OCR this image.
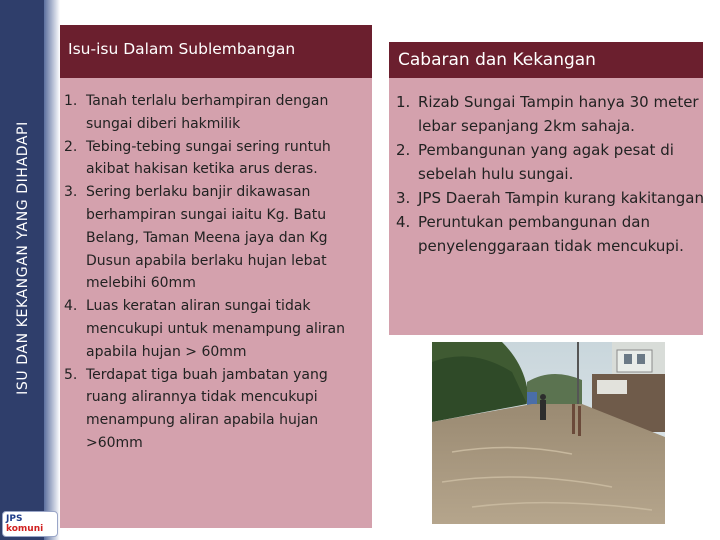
ISU DAN KEKANGAN YANG DIHADAPI
JPS komuni
Isu-isu Dalam Sublembangan
1. Tanah terlalu berhampiran dengan sungai diberi hakmilik
2. Tebing-tebing sungai sering runtuh akibat hakisan ketika arus deras.
3. Sering berlaku banjir dikawasan berhampiran sungai iaitu Kg. Batu Belang, Taman Meena jaya dan Kg Dusun apabila berlaku hujan lebat melebihi 60mm
4. Luas keratan aliran sungai tidak mencukupi untuk menampung aliran apabila hujan > 60mm
5. Terdapat tiga buah jambatan yang ruang alirannya tidak mencukupi menampung aliran apabila hujan >60mm
Cabaran dan Kekangan
1. Rizab Sungai Tampin hanya 30 meter lebar sepanjang 2km sahaja.
2. Pembangunan yang agak pesat di sebelah hulu sungai.
3. JPS Daerah Tampin kurang kakitangan
4. Peruntukan pembangunan dan penyelenggaraan tidak mencukupi.
